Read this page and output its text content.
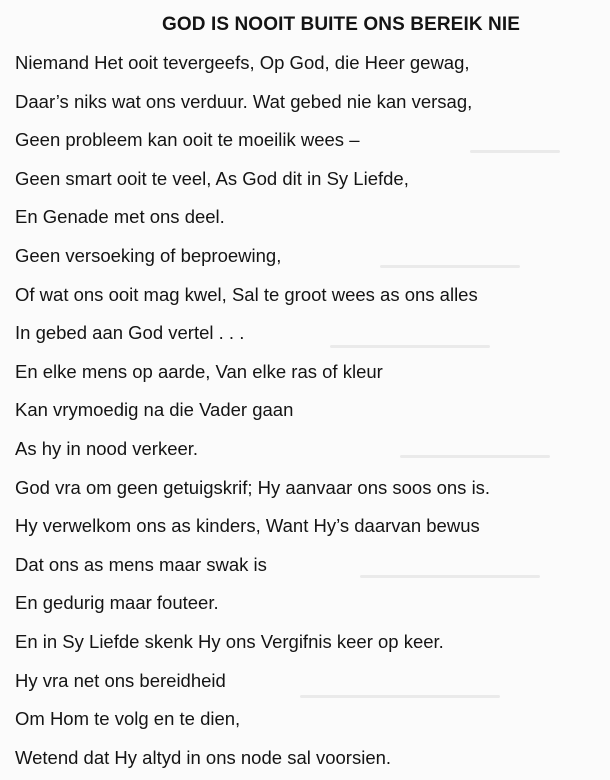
GOD IS NOOIT BUITE ONS BEREIK NIE
Niemand Het ooit tevergeefs, Op God, die Heer gewag,
Daar’s niks wat ons verduur. Wat gebed nie kan versag,
Geen probleem kan ooit te moeilik wees –
Geen smart ooit te veel, As God dit in Sy Liefde,
En Genade met ons deel.
Geen versoeking of beproewing,
Of wat ons ooit mag kwel, Sal te groot wees as ons alles
In gebed aan God vertel . . .
En elke mens op aarde, Van elke ras of kleur
Kan vrymoedig na die Vader gaan
As hy in nood verkeer.
God vra om geen getuigskrif; Hy aanvaar ons soos ons is.
Hy verwelkom ons as kinders, Want Hy’s daarvan bewus
Dat ons as mens maar swak is
En gedurig maar fouteer.
En in Sy Liefde skenk Hy ons Vergifnis keer op keer.
Hy vra net ons bereidheid
Om Hom te volg en te dien,
Wetend dat Hy altyd in ons node sal voorsien.
